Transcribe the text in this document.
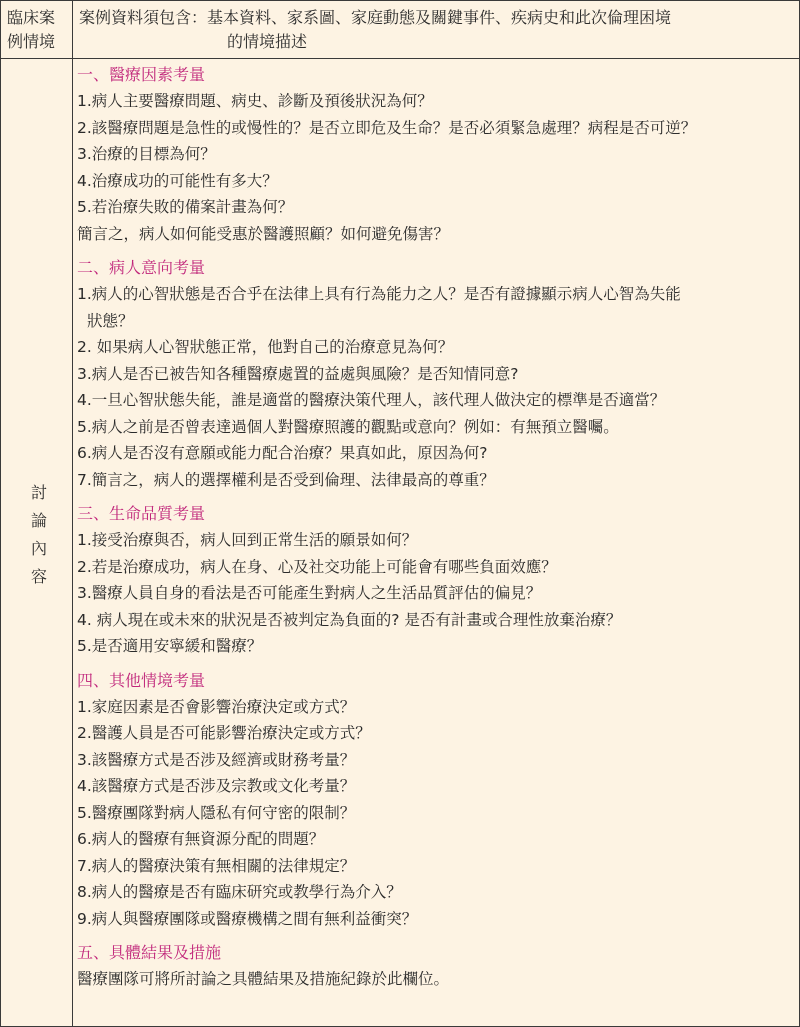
臨床案
例情境
案例資料須包含：基本資料、家系圖、家庭動態及關鍵事件、疾病史和此次倫理困境
的情境描述
討
論
內
容
一、醫療因素考量
1.病人主要醫療問題、病史、診斷及預後狀況為何？
2.該醫療問題是急性的或慢性的？是否立即危及生命？是否必須緊急處理？病程是否可逆？
3.治療的目標為何？
4.治療成功的可能性有多大？
5.若治療失敗的備案計畫為何？
簡言之，病人如何能受惠於醫護照顧？如何避免傷害？
二、病人意向考量
1.病人的心智狀態是否合乎在法律上具有行為能力之人？是否有證據顯示病人心智為失能
狀態？
2. 如果病人心智狀態正常，他對自己的治療意見為何？
3.病人是否已被告知各種醫療處置的益處與風險？是否知情同意?
4.一旦心智狀態失能，誰是適當的醫療決策代理人，該代理人做決定的標準是否適當？
5.病人之前是否曾表達過個人對醫療照護的觀點或意向？例如：有無預立醫囑。
6.病人是否沒有意願或能力配合治療？果真如此，原因為何?
7.簡言之，病人的選擇權利是否受到倫理、法律最高的尊重？
三、生命品質考量
1.接受治療與否，病人回到正常生活的願景如何？
2.若是治療成功，病人在身、心及社交功能上可能會有哪些負面效應？
3.醫療人員自身的看法是否可能產生對病人之生活品質評估的偏見？
4. 病人現在或未來的狀況是否被判定為負面的? 是否有計畫或合理性放棄治療？
5.是否適用安寧緩和醫療？
四、其他情境考量
1.家庭因素是否會影響治療決定或方式？
2.醫護人員是否可能影響治療決定或方式？
3.該醫療方式是否涉及經濟或財務考量？
4.該醫療方式是否涉及宗教或文化考量？
5.醫療團隊對病人隱私有何守密的限制？
6.病人的醫療有無資源分配的問題？
7.病人的醫療決策有無相關的法律規定？
8.病人的醫療是否有臨床研究或教學行為介入？
9.病人與醫療團隊或醫療機構之間有無利益衝突？
五、具體結果及措施
醫療團隊可將所討論之具體結果及措施紀錄於此欄位。
